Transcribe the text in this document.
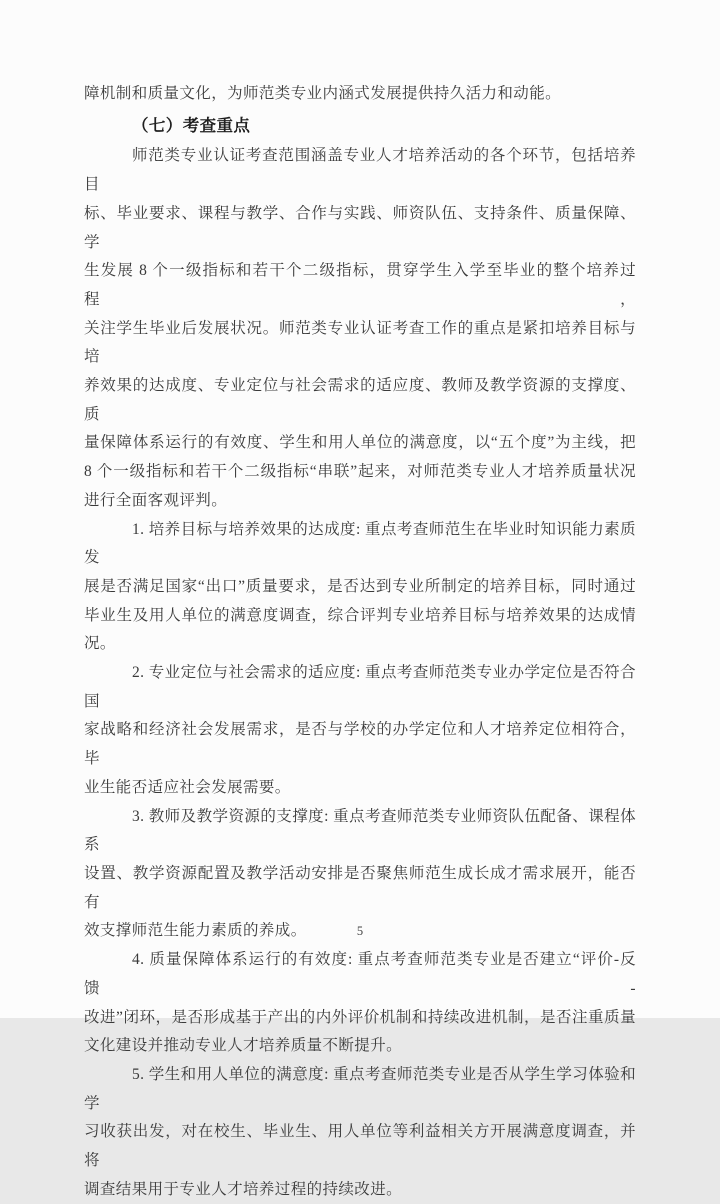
障机制和质量文化，为师范类专业内涵式发展提供持久活力和动能。
（七）考查重点
师范类专业认证考查范围涵盖专业人才培养活动的各个环节，包括培养目
标、毕业要求、课程与教学、合作与实践、师资队伍、支持条件、质量保障、学
生发展 8 个一级指标和若干个二级指标，贯穿学生入学至毕业的整个培养过程，
关注学生毕业后发展状况。师范类专业认证考查工作的重点是紧扣培养目标与培
养效果的达成度、专业定位与社会需求的适应度、教师及教学资源的支撑度、质
量保障体系运行的有效度、学生和用人单位的满意度，以“五个度”为主线，把
8 个一级指标和若干个二级指标“串联”起来，对师范类专业人才培养质量状况
进行全面客观评判。
1. 培养目标与培养效果的达成度: 重点考查师范生在毕业时知识能力素质发
展是否满足国家“出口”质量要求，是否达到专业所制定的培养目标，同时通过
毕业生及用人单位的满意度调查，综合评判专业培养目标与培养效果的达成情
况。
2. 专业定位与社会需求的适应度: 重点考查师范类专业办学定位是否符合国
家战略和经济社会发展需求，是否与学校的办学定位和人才培养定位相符合，毕
业生能否适应社会发展需要。
3. 教师及教学资源的支撑度: 重点考查师范类专业师资队伍配备、课程体系
设置、教学资源配置及教学活动安排是否聚焦师范生成长成才需求展开，能否有
效支撑师范生能力素质的养成。
4. 质量保障体系运行的有效度: 重点考查师范类专业是否建立“评价-反馈-
改进”闭环，是否形成基于产出的内外评价机制和持续改进机制，是否注重质量
文化建设并推动专业人才培养质量不断提升。
5. 学生和用人单位的满意度: 重点考查师范类专业是否从学生学习体验和学
习收获出发，对在校生、毕业生、用人单位等利益相关方开展满意度调查，并将
调查结果用于专业人才培养过程的持续改进。
5
